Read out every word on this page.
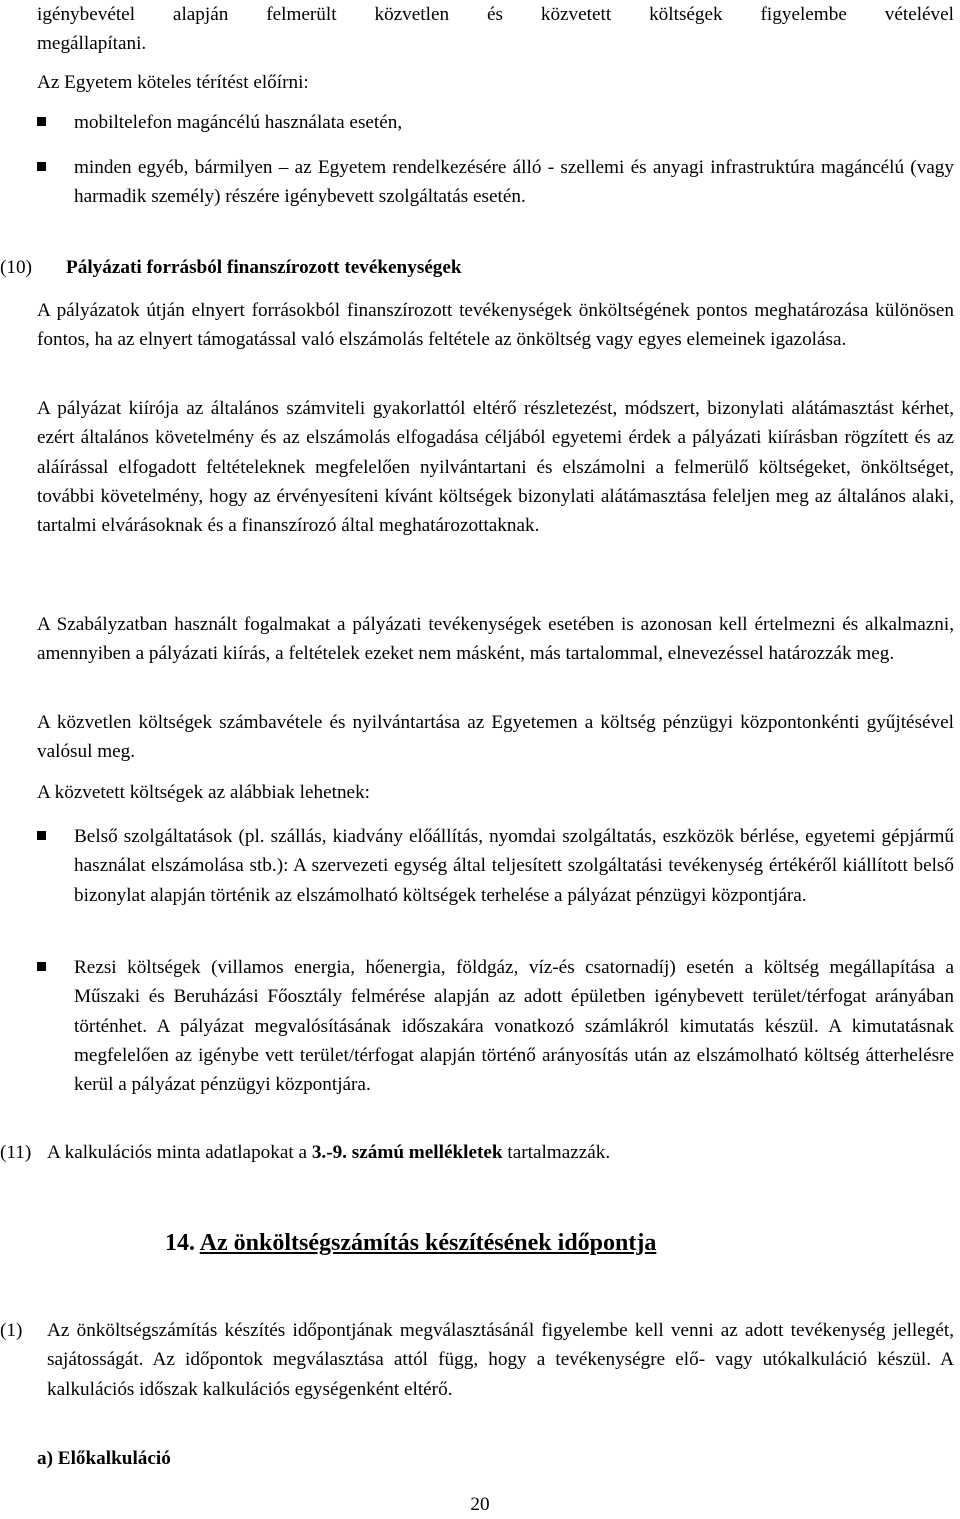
igénybevétel alapján felmerült közvetlen és közvetett költségek figyelembe vételével

megállapítani.

Az Egyetem köteles térítést előírni:

mobiltelefon magáncélú használata esetén,

minden egyéb, bármilyen – az Egyetem rendelkezésére álló - szellemi és anyagi infrastruktúra magáncélú (vagy harmadik személy) részére igénybevett szolgáltatás esetén.

(10) Pályázati forrásból finanszírozott tevékenységek

A pályázatok útján elnyert forrásokból finanszírozott tevékenységek önköltségének pontos meghatározása különösen fontos, ha az elnyert támogatással való elszámolás feltétele az önköltség vagy egyes elemeinek igazolása.

A pályázat kiírója az általános számviteli gyakorlattól eltérő részletezést, módszert, bizonylati alátámasztást kérhet, ezért általános követelmény és az elszámolás elfogadása céljából egyetemi érdek a pályázati kiírásban rögzített és az aláírással elfogadott feltételeknek megfelelően nyilvántartani és elszámolni a felmerülő költségeket, önköltséget, további követelmény, hogy az érvényesíteni kívánt költségek bizonylati alátámasztása feleljen meg az általános alaki, tartalmi elvárásoknak és a finanszírozó által meghatározottaknak.

A Szabályzatban használt fogalmakat a pályázati tevékenységek esetében is azonosan kell értelmezni és alkalmazni, amennyiben a pályázati kiírás, a feltételek ezeket nem másként, más tartalommal, elnevezéssel határozzák meg.

A közvetlen költségek számbavétele és nyilvántartása az Egyetemen a költség pénzügyi központonkénti gyűjtésével valósul meg.

A közvetett költségek az alábbiak lehetnek:

Belső szolgáltatások (pl. szállás, kiadvány előállítás, nyomdai szolgáltatás, eszközök bérlése, egyetemi gépjármű használat elszámolása stb.): A szervezeti egység által teljesített szolgáltatási tevékenység értékéről kiállított belső bizonylat alapján történik az elszámolható költségek terhelése a pályázat pénzügyi központjára.

Rezsi költségek (villamos energia, hőenergia, földgáz, víz-és csatornadíj) esetén a költség megállapítása a Műszaki és Beruházási Főosztály felmérése alapján az adott épületben igénybevett terület/térfogat arányában történhet. A pályázat megvalósításának időszakára vonatkozó számlákról kimutatás készül. A kimutatásnak megfelelően az igénybe vett terület/térfogat alapján történő arányosítás után az elszámolható költség átterhelésre kerül a pályázat pénzügyi központjára.

(11) A kalkulációs minta adatlapokat a 3.-9. számú mellékletek tartalmazzák.

14. Az önköltségszámítás készítésének időpontja
(1) Az önköltségszámítás készítés időpontjának megválasztásánál figyelembe kell venni az adott tevékenység jellegét, sajátosságát. Az időpontok megválasztása attól függ, hogy a tevékenységre elő- vagy utókalkuláció készül. A kalkulációs időszak kalkulációs egységenként eltérő.

a) Előkalkuláció

20
